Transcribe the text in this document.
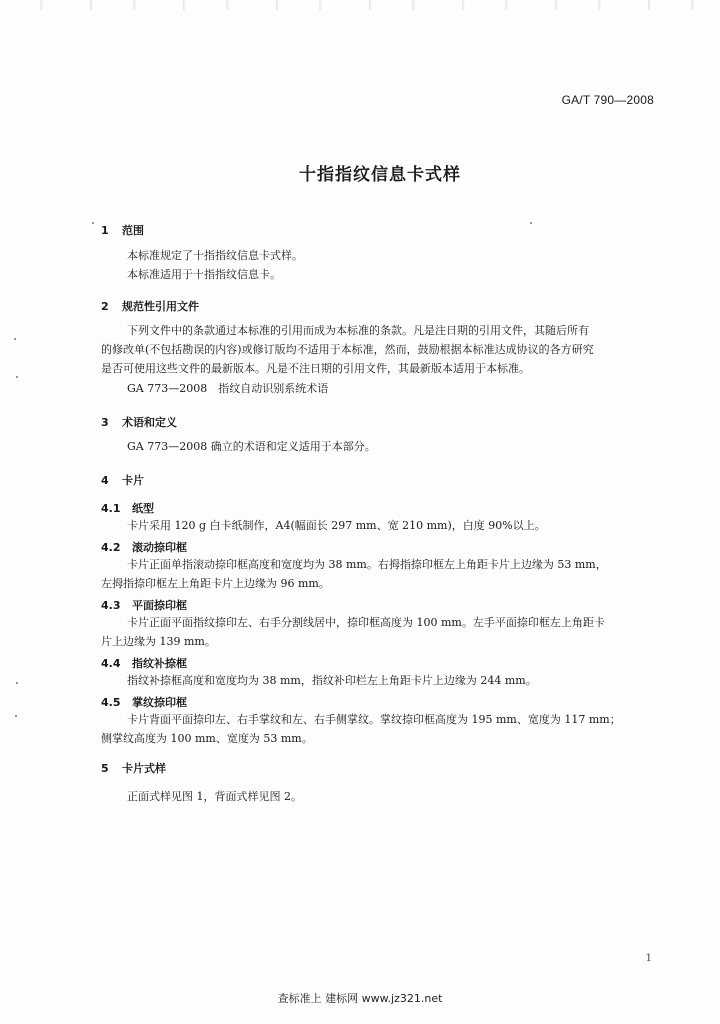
GA/T 790—2008
十指指纹信息卡式样
1 范围
本标准规定了十指指纹信息卡式样。
本标准适用于十指指纹信息卡。
2 规范性引用文件
下列文件中的条款通过本标准的引用而成为本标准的条款。凡是注日期的引用文件，其随后所有
的修改单(不包括勘误的内容)或修订版均不适用于本标准，然而，鼓励根据本标准达成协议的各方研究
是否可使用这些文件的最新版本。凡是不注日期的引用文件，其最新版本适用于本标准。
GA 773—2008　指纹自动识别系统术语
3 术语和定义
GA 773—2008 确立的术语和定义适用于本部分。
4 卡片
4.1 纸型
卡片采用 120 g 白卡纸制作，A4(幅面长 297 mm、宽 210 mm)，白度 90%以上。
4.2 滚动捺印框
卡片正面单指滚动捺印框高度和宽度均为 38 mm。右拇指捺印框左上角距卡片上边缘为 53 mm，
左拇指捺印框左上角距卡片上边缘为 96 mm。
4.3 平面捺印框
卡片正面平面指纹捺印左、右手分割线居中，捺印框高度为 100 mm。左手平面捺印框左上角距卡
片上边缘为 139 mm。
4.4 指纹补捺框
指纹补捺框高度和宽度均为 38 mm，指纹补印栏左上角距卡片上边缘为 244 mm。
4.5 掌纹捺印框
卡片背面平面捺印左、右手掌纹和左、右手侧掌纹。掌纹捺印框高度为 195 mm、宽度为 117 mm；
侧掌纹高度为 100 mm、宽度为 53 mm。
5 卡片式样
正面式样见图 1，背面式样见图 2。
1
查标准上 建标网 www.jz321.net
